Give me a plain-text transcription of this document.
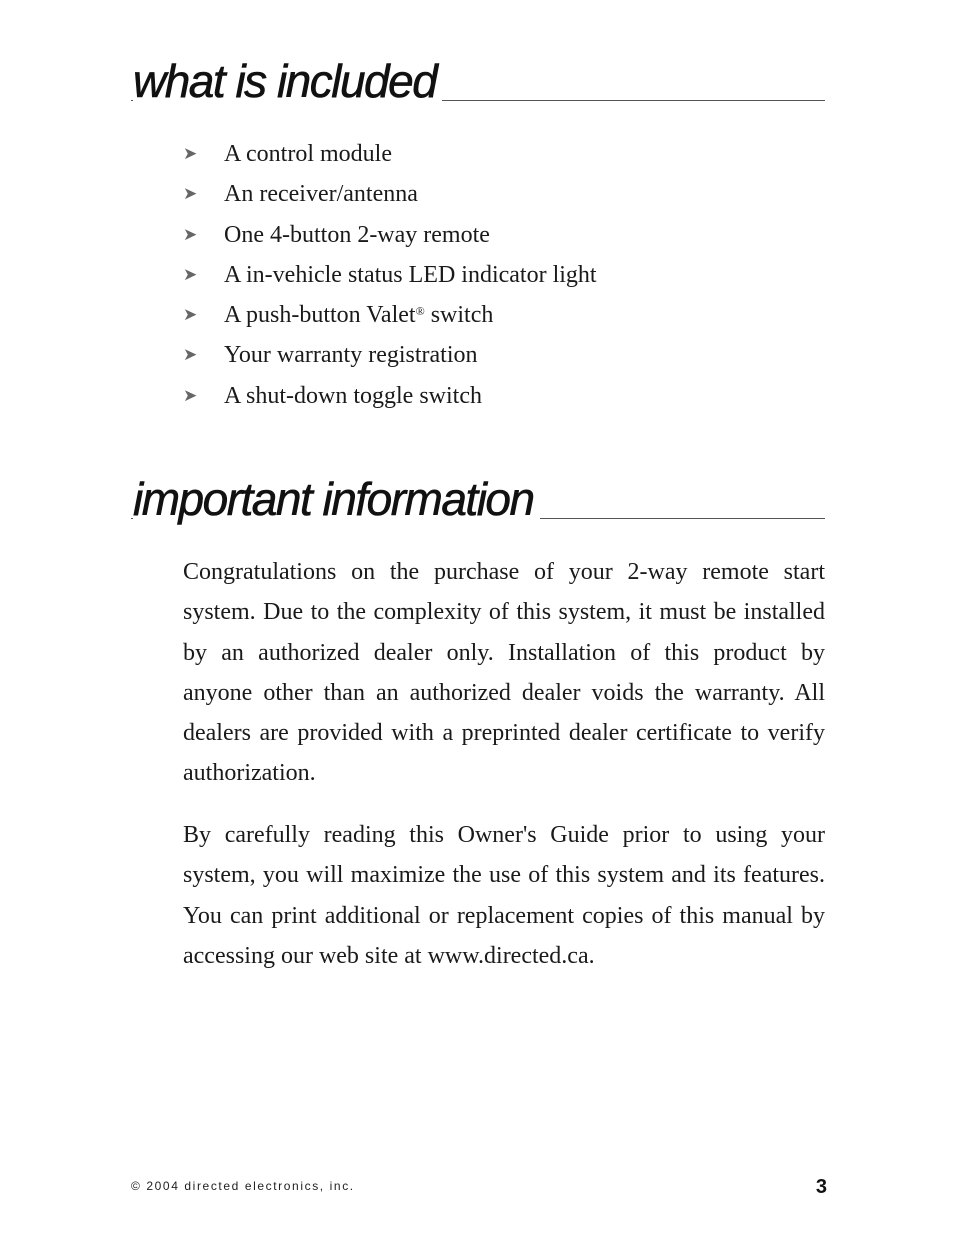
what is included
➤	A control module
➤	An receiver/antenna
➤	One 4-button 2-way remote
➤	A in-vehicle status LED indicator light
➤	A push-button Valet® switch
➤	Your warranty registration
➤	A shut-down toggle switch
important information

Congratulations on the purchase of your 2-way remote start system. Due to the complexity of this system, it must be installed by an authorized dealer only. Installation of this product by anyone other than an authorized dealer voids the warranty. All dealers are provided with a preprinted dealer certificate to verify authorization.

By carefully reading this Owner's Guide prior to using your system, you will maximize the use of this system and its features. You can print additional or replacement copies of this manual by accessing our web site at www.directed.ca.

© 2004 directed electronics, inc.	3
